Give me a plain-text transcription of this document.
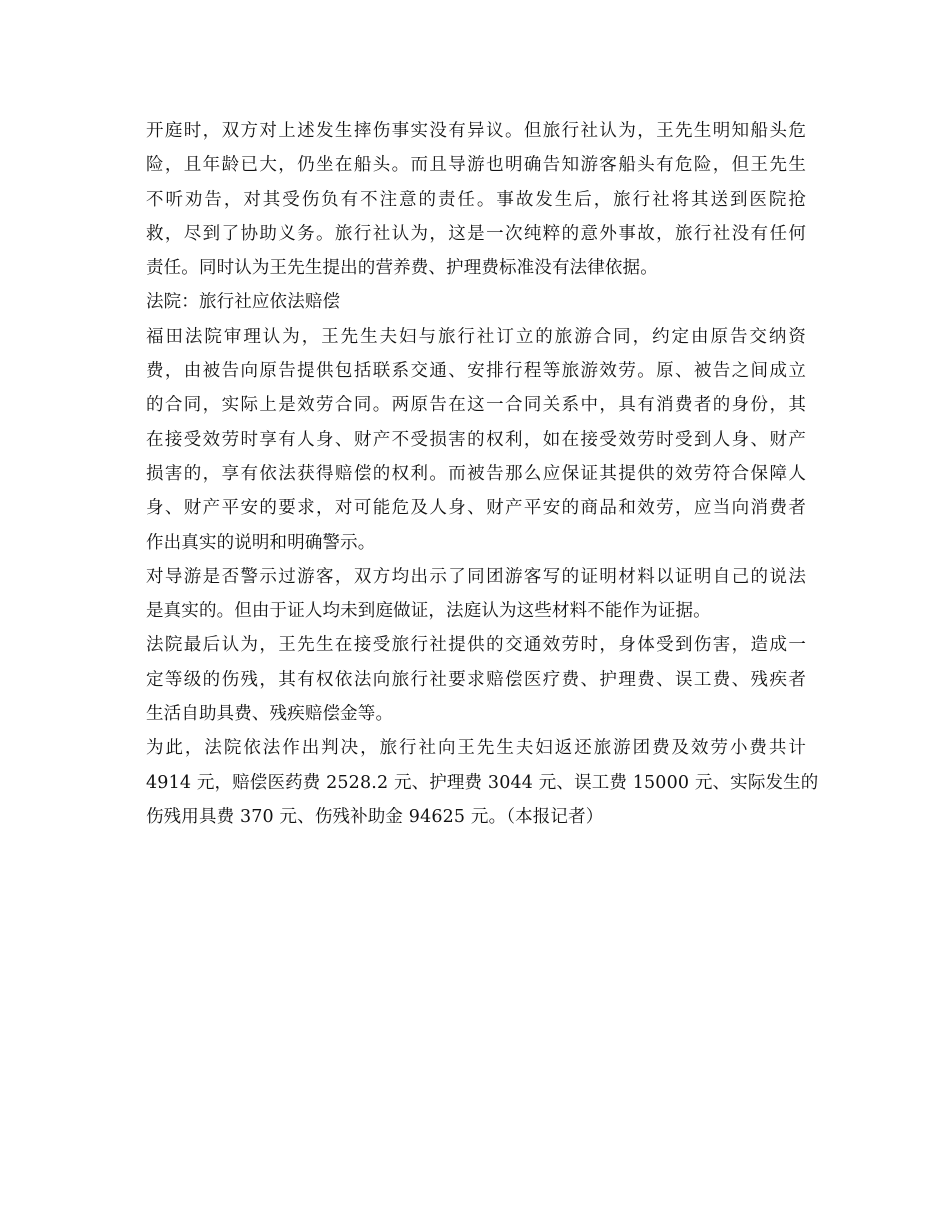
开庭时，双方对上述发生摔伤事实没有异议。但旅行社认为，王先生明知船头危
险，且年龄已大，仍坐在船头。而且导游也明确告知游客船头有危险，但王先生
不听劝告，对其受伤负有不注意的责任。事故发生后，旅行社将其送到医院抢
救，尽到了协助义务。旅行社认为，这是一次纯粹的意外事故，旅行社没有任何
责任。同时认为王先生提出的营养费、护理费标准没有法律依据。
法院：旅行社应依法赔偿
福田法院审理认为，王先生夫妇与旅行社订立的旅游合同，约定由原告交纳资
费，由被告向原告提供包括联系交通、安排行程等旅游效劳。原、被告之间成立
的合同，实际上是效劳合同。两原告在这一合同关系中，具有消费者的身份，其
在接受效劳时享有人身、财产不受损害的权利，如在接受效劳时受到人身、财产
损害的，享有依法获得赔偿的权利。而被告那么应保证其提供的效劳符合保障人
身、财产平安的要求，对可能危及人身、财产平安的商品和效劳，应当向消费者
作出真实的说明和明确警示。
对导游是否警示过游客，双方均出示了同团游客写的证明材料以证明自己的说法
是真实的。但由于证人均未到庭做证，法庭认为这些材料不能作为证据。
法院最后认为，王先生在接受旅行社提供的交通效劳时，身体受到伤害，造成一
定等级的伤残，其有权依法向旅行社要求赔偿医疗费、护理费、误工费、残疾者
生活自助具费、残疾赔偿金等。
为此，法院依法作出判决，旅行社向王先生夫妇返还旅游团费及效劳小费共计
4914 元，赔偿医药费 2528.2 元、护理费 3044 元、误工费 15000 元、实际发生的
伤残用具费 370 元、伤残补助金 94625 元。（本报记者）
